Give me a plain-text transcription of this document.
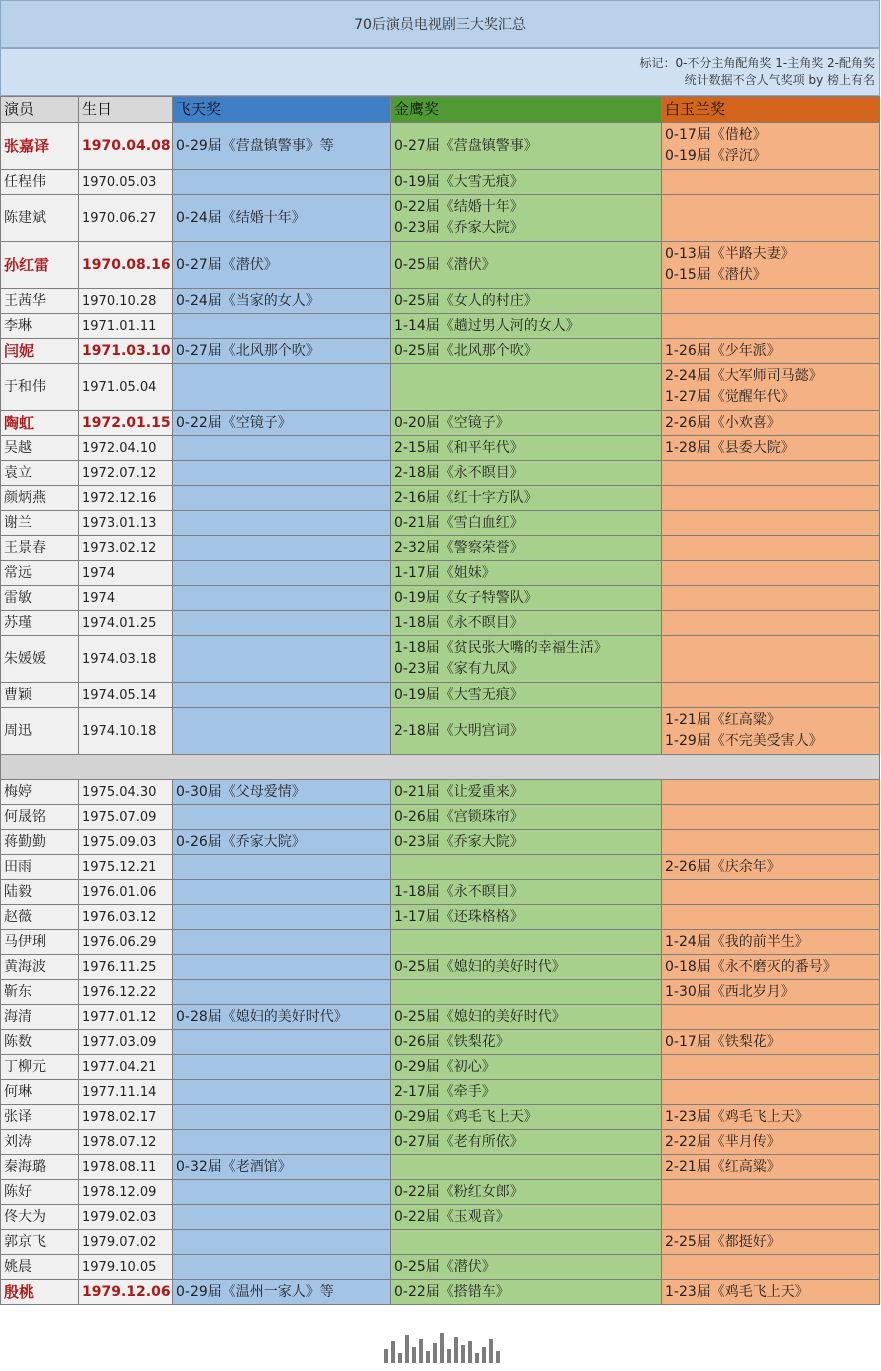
70后演员电视剧三大奖汇总
标记：0-不分主角配角奖 1-主角奖 2-配角奖
统计数据不含人气奖项 by 榜上有名
演员	生日	飞天奖	金鹰奖	白玉兰奖
张嘉译	1970.04.08	0-29届《营盘镇警事》等	0-27届《营盘镇警事》	0-17届《借枪》
0-19届《浮沉》

任程伟	1970.05.03		0-19届《大雪无痕》	

陈建斌	1970.06.27	0-24届《结婚十年》	0-22届《结婚十年》
0-23届《乔家大院》	

孙红雷	1970.08.16	0-27届《潜伏》	0-25届《潜伏》	0-13届《半路夫妻》
0-15届《潜伏》

王茜华	1970.10.28	0-24届《当家的女人》	0-25届《女人的村庄》	

李琳	1971.01.11		1-14届《趟过男人河的女人》	

闫妮	1971.03.10	0-27届《北风那个吹》	0-25届《北风那个吹》	1-26届《少年派》

于和伟	1971.05.04			2-24届《大军师司马懿》
1-27届《觉醒年代》

陶虹	1972.01.15	0-22届《空镜子》	0-20届《空镜子》	2-26届《小欢喜》

吴越	1972.04.10		2-15届《和平年代》	1-28届《县委大院》

袁立	1972.07.12		2-18届《永不瞑目》	

颜炳燕	1972.12.16		2-16届《红十字方队》	

谢兰	1973.01.13		0-21届《雪白血红》	

王景春	1973.02.12		2-32届《警察荣誉》	

常远	1974		1-17届《姐妹》	

雷敏	1974		0-19届《女子特警队》	

苏瑾	1974.01.25		1-18届《永不瞑目》	

朱媛媛	1974.03.18		1-18届《贫民张大嘴的幸福生活》
0-23届《家有九凤》	

曹颖	1974.05.14		0-19届《大雪无痕》	

周迅	1974.10.18		2-18届《大明宫词》	1-21届《红高粱》
1-29届《不完美受害人》

梅婷	1975.04.30	0-30届《父母爱情》	0-21届《让爱重来》	

何晟铭	1975.07.09		0-26届《宫锁珠帘》	

蒋勤勤	1975.09.03	0-26届《乔家大院》	0-23届《乔家大院》	

田雨	1975.12.21			2-26届《庆余年》

陆毅	1976.01.06		1-18届《永不瞑目》	

赵薇	1976.03.12		1-17届《还珠格格》	

马伊琍	1976.06.29			1-24届《我的前半生》

黄海波	1976.11.25		0-25届《媳妇的美好时代》	0-18届《永不磨灭的番号》

靳东	1976.12.22			1-30届《西北岁月》

海清	1977.01.12	0-28届《媳妇的美好时代》	0-25届《媳妇的美好时代》	

陈数	1977.03.09		0-26届《铁梨花》	0-17届《铁梨花》

丁柳元	1977.04.21		0-29届《初心》	

何琳	1977.11.14		2-17届《牵手》	

张译	1978.02.17		0-29届《鸡毛飞上天》	1-23届《鸡毛飞上天》

刘涛	1978.07.12		0-27届《老有所依》	2-22届《芈月传》

秦海璐	1978.08.11	0-32届《老酒馆》		2-21届《红高粱》

陈好	1978.12.09		0-22届《粉红女郎》	

佟大为	1979.02.03		0-22届《玉观音》	

郭京飞	1979.07.02			2-25届《都挺好》

姚晨	1979.10.05		0-25届《潜伏》	

殷桃	1979.12.06	0-29届《温州一家人》等	0-22届《搭错车》	1-23届《鸡毛飞上天》
